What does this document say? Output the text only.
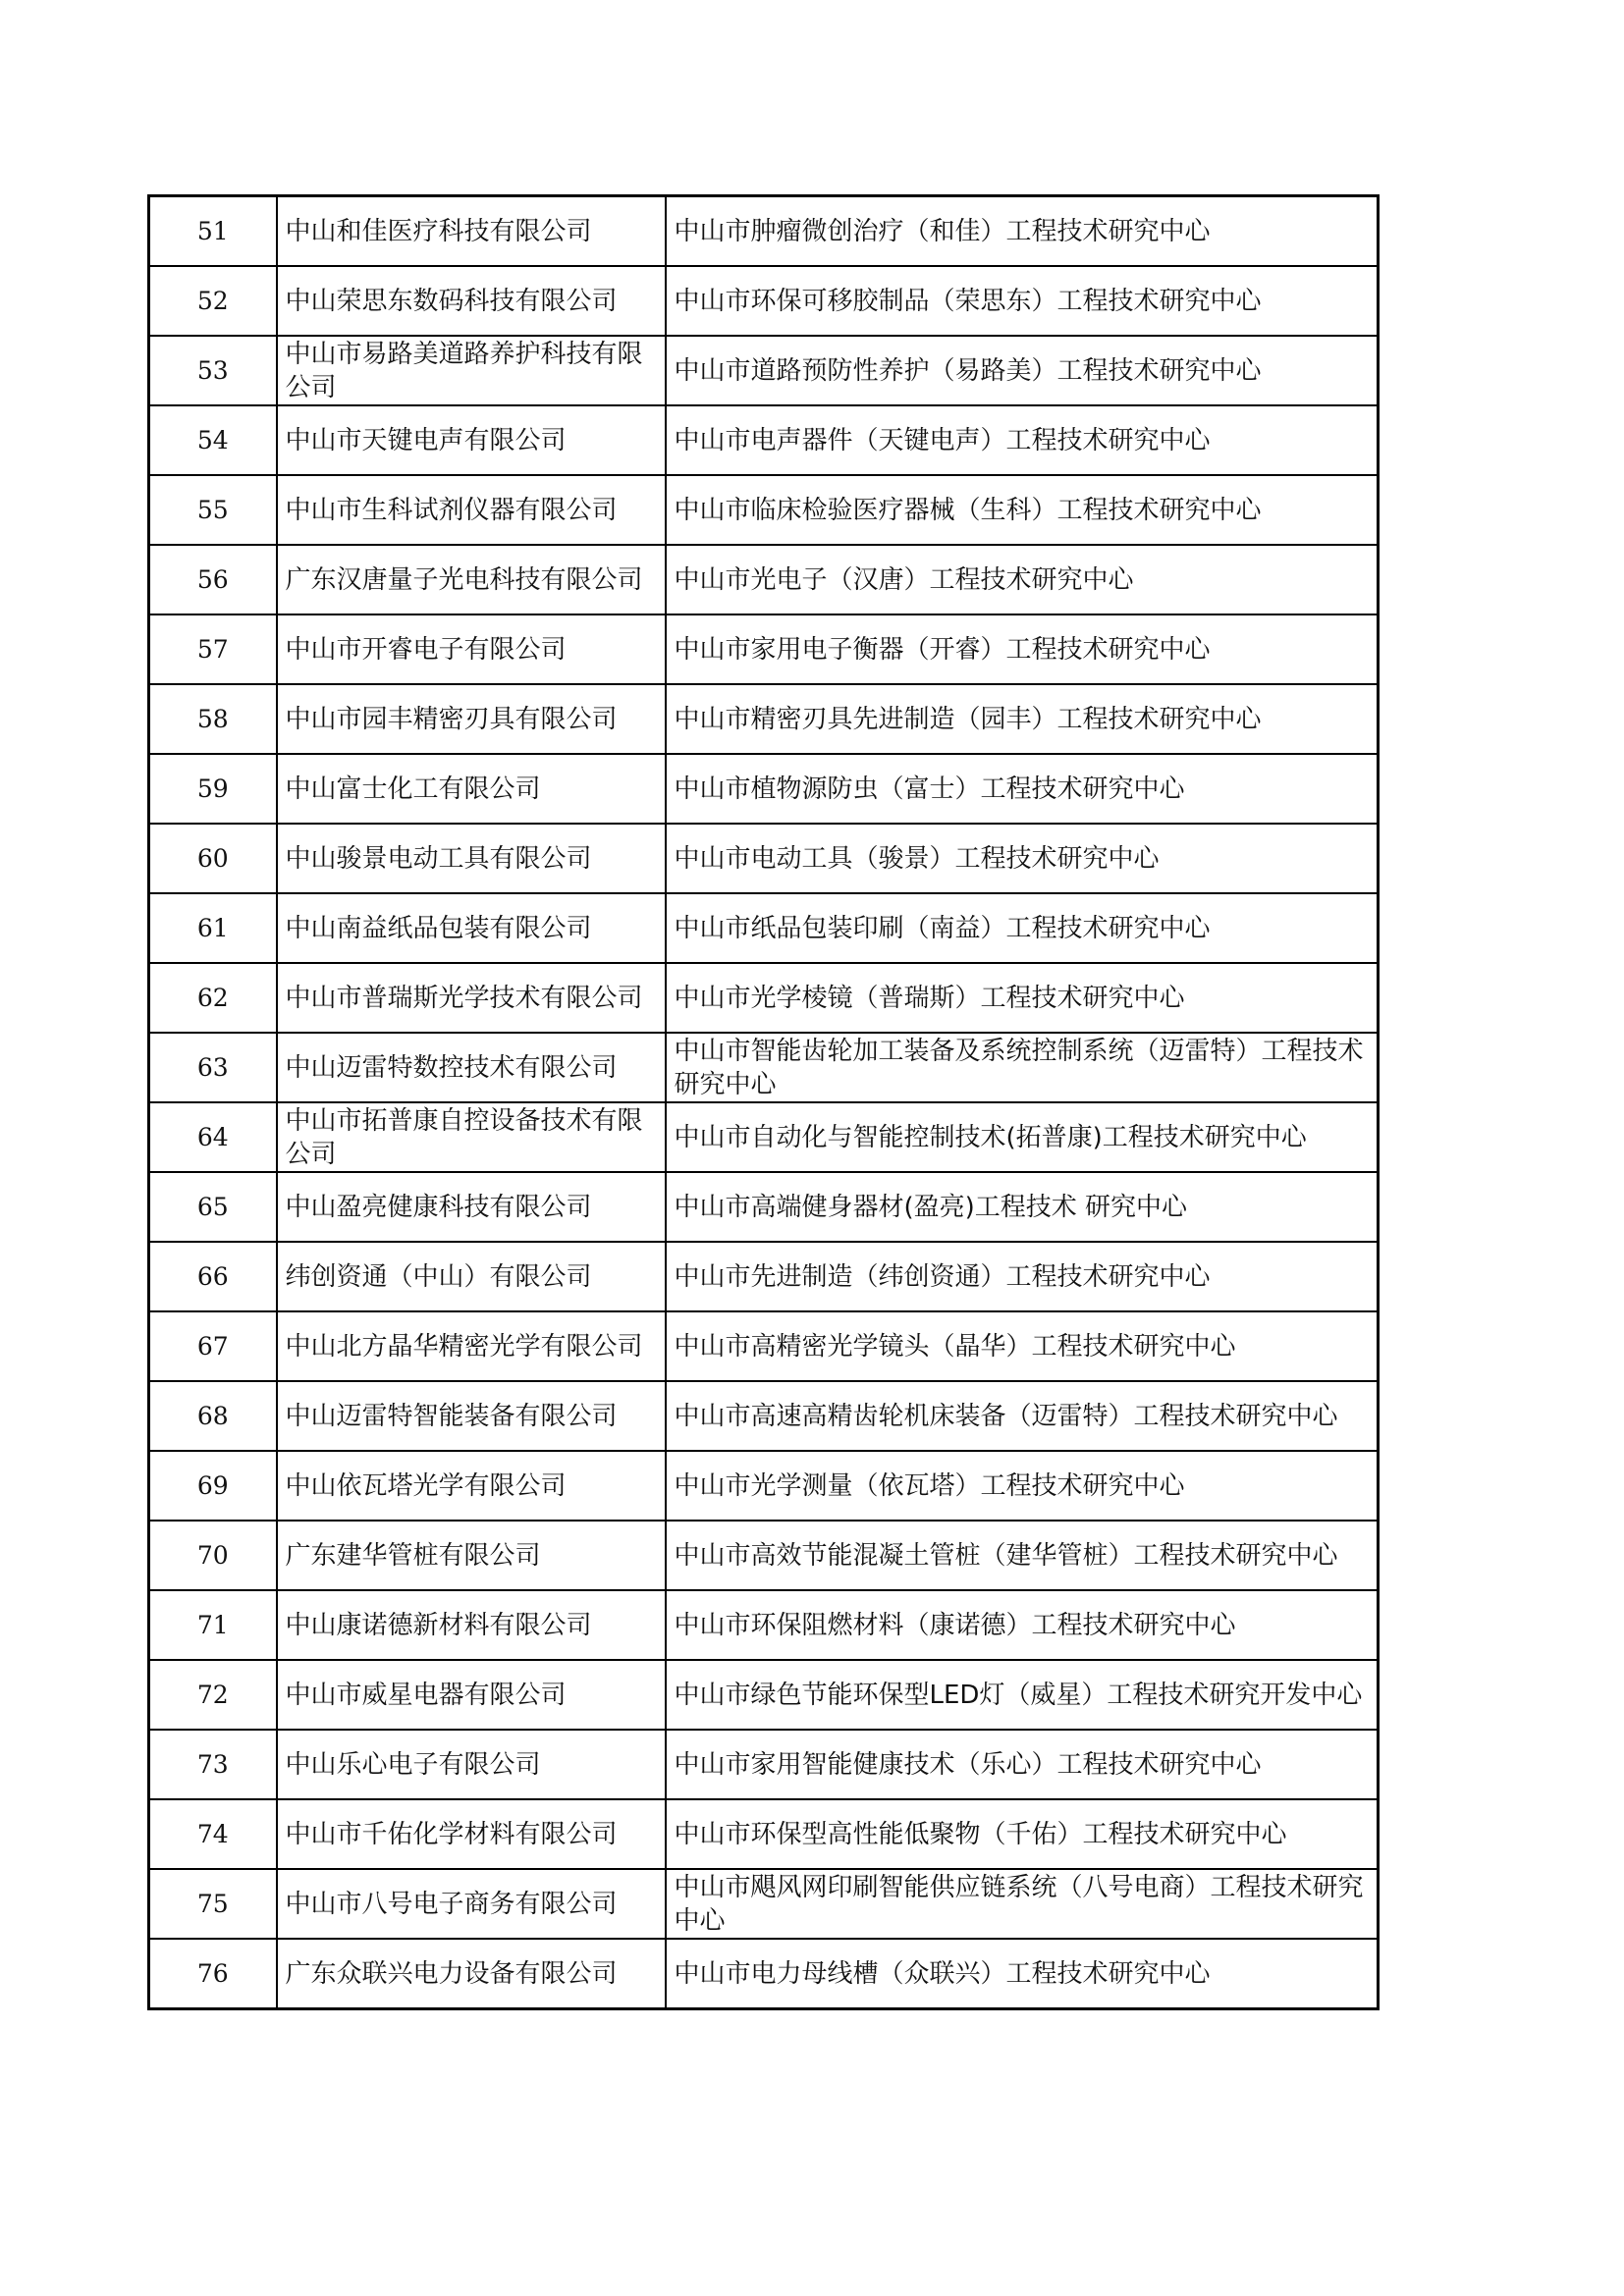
51	中山和佳医疗科技有限公司	中山市肿瘤微创治疗（和佳）工程技术研究中心
52	中山荣思东数码科技有限公司	中山市环保可移胶制品（荣思东）工程技术研究中心
53	中山市易路美道路养护科技有限公司	中山市道路预防性养护（易路美）工程技术研究中心
54	中山市天键电声有限公司	中山市电声器件（天键电声）工程技术研究中心
55	中山市生科试剂仪器有限公司	中山市临床检验医疗器械（生科）工程技术研究中心
56	广东汉唐量子光电科技有限公司	中山市光电子（汉唐）工程技术研究中心
57	中山市开睿电子有限公司	中山市家用电子衡器（开睿）工程技术研究中心
58	中山市园丰精密刃具有限公司	中山市精密刃具先进制造（园丰）工程技术研究中心
59	中山富士化工有限公司	中山市植物源防虫（富士）工程技术研究中心
60	中山骏景电动工具有限公司	中山市电动工具（骏景）工程技术研究中心
61	中山南益纸品包装有限公司	中山市纸品包装印刷（南益）工程技术研究中心
62	中山市普瑞斯光学技术有限公司	中山市光学棱镜（普瑞斯）工程技术研究中心
63	中山迈雷特数控技术有限公司	中山市智能齿轮加工装备及系统控制系统（迈雷特）工程技术研究中心
64	中山市拓普康自控设备技术有限公司	中山市自动化与智能控制技术(拓普康)工程技术研究中心
65	中山盈亮健康科技有限公司	中山市高端健身器材(盈亮)工程技术 研究中心
66	纬创资通（中山）有限公司	中山市先进制造（纬创资通）工程技术研究中心
67	中山北方晶华精密光学有限公司	中山市高精密光学镜头（晶华）工程技术研究中心
68	中山迈雷特智能装备有限公司	中山市高速高精齿轮机床装备（迈雷特）工程技术研究中心
69	中山依瓦塔光学有限公司	中山市光学测量（依瓦塔）工程技术研究中心
70	广东建华管桩有限公司	中山市高效节能混凝土管桩（建华管桩）工程技术研究中心
71	中山康诺德新材料有限公司	中山市环保阻燃材料（康诺德）工程技术研究中心
72	中山市威星电器有限公司	中山市绿色节能环保型LED灯（威星）工程技术研究开发中心
73	中山乐心电子有限公司	中山市家用智能健康技术（乐心）工程技术研究中心
74	中山市千佑化学材料有限公司	中山市环保型高性能低聚物（千佑）工程技术研究中心
75	中山市八号电子商务有限公司	中山市飓风网印刷智能供应链系统（八号电商）工程技术研究中心
76	广东众联兴电力设备有限公司	中山市电力母线槽（众联兴）工程技术研究中心
